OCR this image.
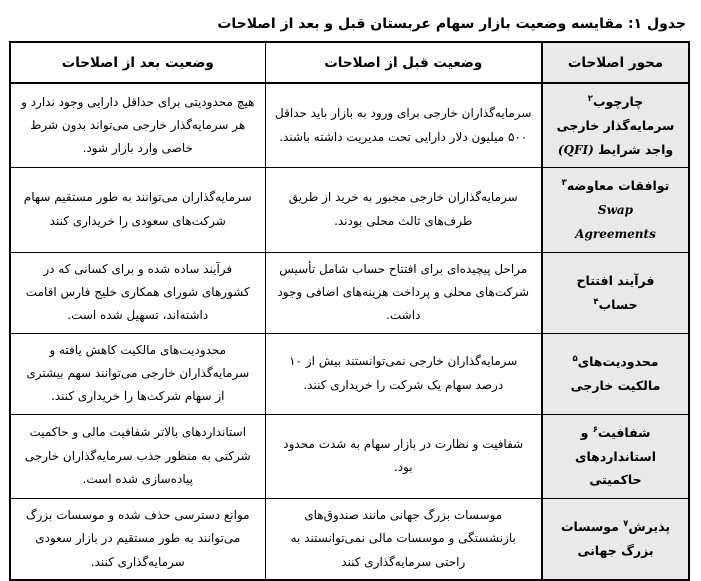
جدول ۱: مقایسه وضعیت بازار سهام عربستان قبل و بعد از اصلاحات
محور اصلاحات	وضعیت قبل از اصلاحات	وضعیت بعد از اصلاحات

چارچوب$^۲$
سرمایه‌گذار خارجی
واجد شرایط (QFI)	سرمایه‌گذاران خارجی برای ورود به بازار باید حداقل ۵۰۰ میلیون دلار دارایی تحت مدیریت داشته باشند.	هیچ محدودیتی برای حداقل دارایی وجود ندارد و هر سرمایه‌گذار خارجی می‌تواند بدون شرط خاصی وارد بازار شود.

توافقات معاوضه$^۳$
Swap
Agreements	سرمایه‌گذاران خارجی مجبور به خرید از طریق طرف‌های ثالث محلی بودند.	سرمایه‌گذاران می‌توانند به طور مستقیم سهام شرکت‌های سعودی را خریداری کنند

فرآیند افتتاح
حساب$^۴$	مراحل پیچیده‌ای برای افتتاح حساب شامل تأسیس شرکت‌های محلی و پرداخت هزینه‌های اضافی وجود داشت.	فرآیند ساده شده و برای کسانی که در کشورهای شورای همکاری خلیج فارس اقامت داشته‌اند، تسهیل شده است.

محدودیت‌های$^۵$
مالکیت خارجی	سرمایه‌گذاران خارجی نمی‌توانستند بیش از ۱۰ درصد سهام یک شرکت را خریداری کنند.	محدودیت‌های مالکیت کاهش یافته و سرمایه‌گذاران خارجی می‌توانند سهم بیشتری از سهام شرکت‌ها را خریداری کنند.

شفافیت$^۶$ و
استانداردهای
حاکمیتی	شفافیت و نظارت در بازار سهام به شدت محدود بود.	استانداردهای بالاتر شفافیت مالی و حاکمیت شرکتی به منظور جذب سرمایه‌گذاران خارجی پیاده‌سازی شده است.

پذیرش$^۷$ موسسات
بزرگ جهانی	موسسات بزرگ جهانی مانند صندوق‌های بازنشستگی و موسسات مالی نمی‌توانستند به راحتی سرمایه‌گذاری کنند	موانع دسترسی حذف شده و موسسات بزرگ می‌توانند به طور مستقیم در بازار سعودی سرمایه‌گذاری کنند.
